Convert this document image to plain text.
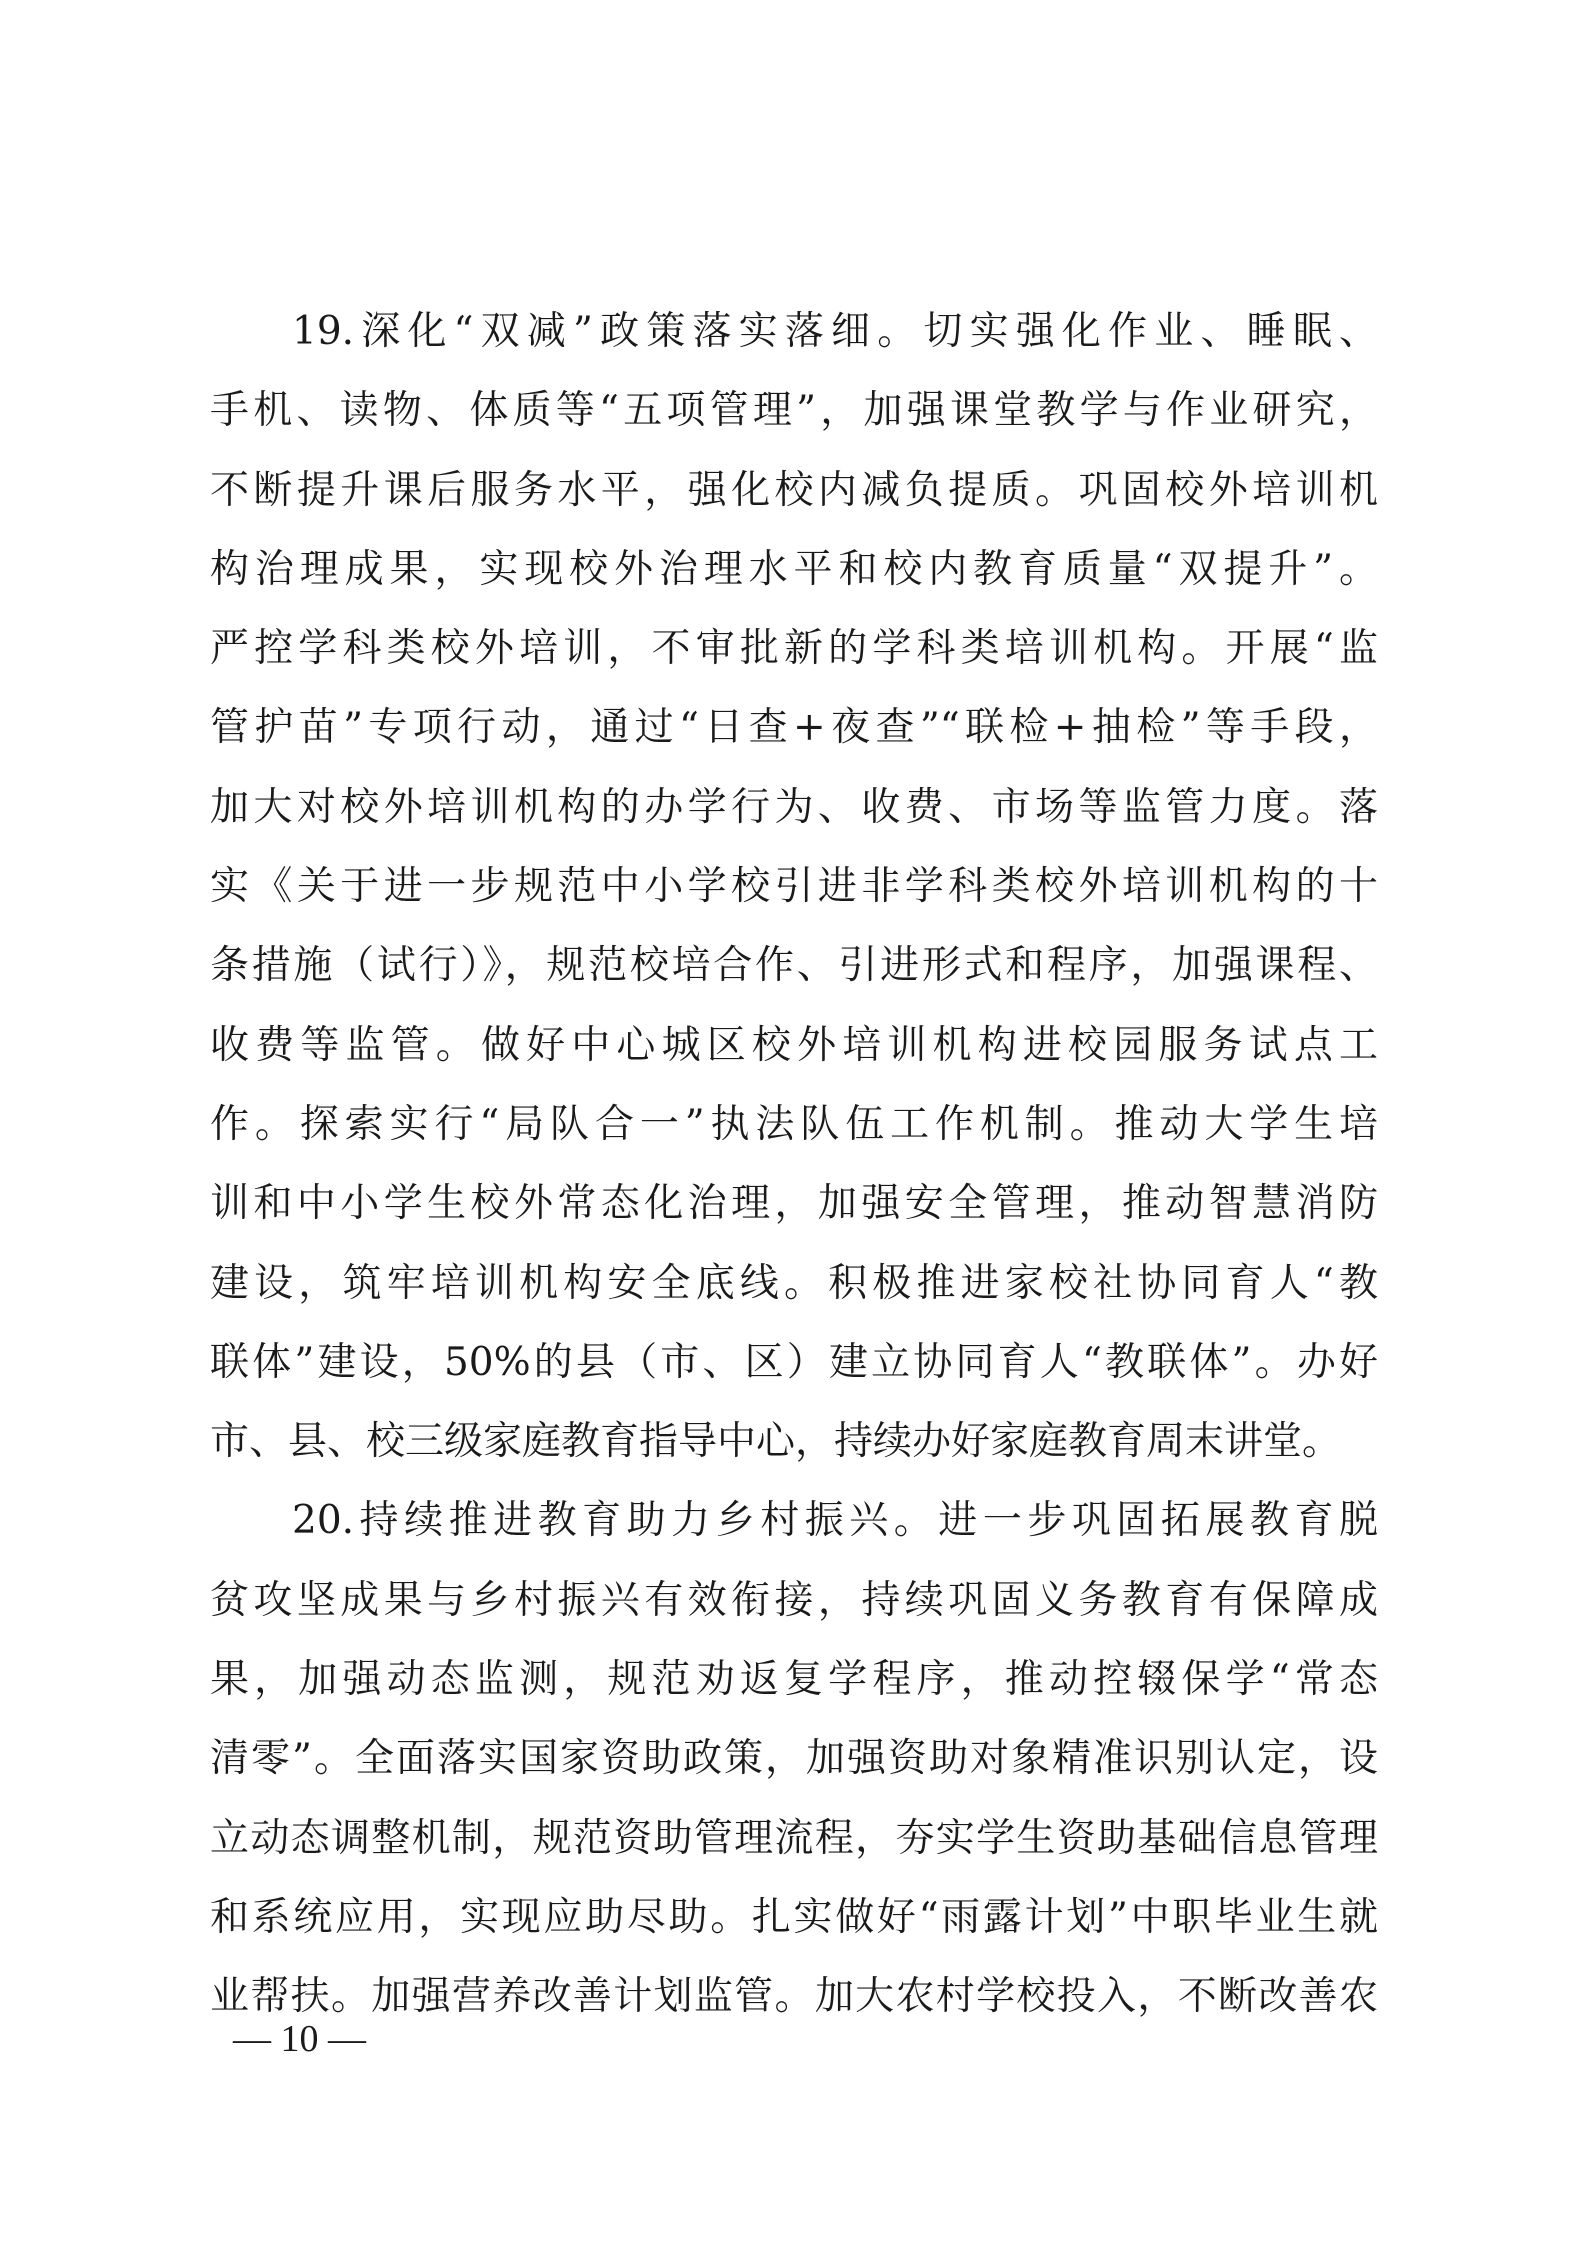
19.深化“双减”政策落实落细。切实强化作业、睡眠、
手机、读物、体质等“五项管理”，加强课堂教学与作业研究，
不断提升课后服务水平，强化校内减负提质。巩固校外培训机
构治理成果，实现校外治理水平和校内教育质量“双提升”。
严控学科类校外培训，不审批新的学科类培训机构。开展“监
管护苗”专项行动，通过“日查+夜查”“联检+抽检”等手段，
加大对校外培训机构的办学行为、收费、市场等监管力度。落
实《关于进一步规范中小学校引进非学科类校外培训机构的十
条措施（试行）》，规范校培合作、引进形式和程序，加强课程、
收费等监管。做好中心城区校外培训机构进校园服务试点工
作。探索实行“局队合一”执法队伍工作机制。推动大学生培
训和中小学生校外常态化治理，加强安全管理，推动智慧消防
建设，筑牢培训机构安全底线。积极推进家校社协同育人“教
联体”建设，50%的县（市、区）建立协同育人“教联体”。办好
市、县、校三级家庭教育指导中心，持续办好家庭教育周末讲堂。
20.持续推进教育助力乡村振兴。进一步巩固拓展教育脱
贫攻坚成果与乡村振兴有效衔接，持续巩固义务教育有保障成
果，加强动态监测，规范劝返复学程序，推动控辍保学“常态
清零”。全面落实国家资助政策，加强资助对象精准识别认定，设
立动态调整机制，规范资助管理流程，夯实学生资助基础信息管理
和系统应用，实现应助尽助。扎实做好“雨露计划”中职毕业生就
业帮扶。加强营养改善计划监管。加大农村学校投入，不断改善农
— 10 —
